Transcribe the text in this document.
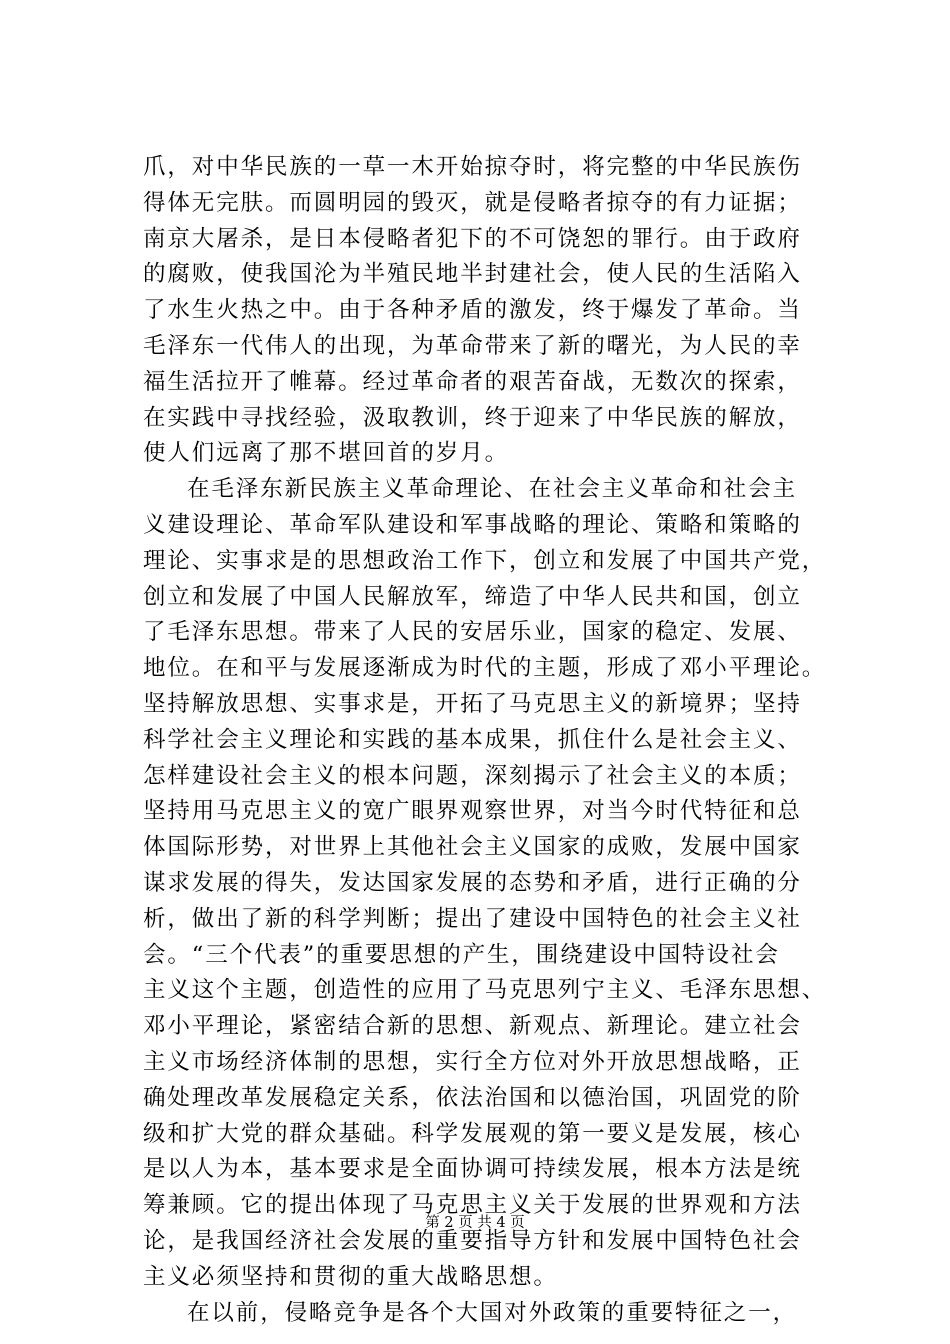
爪，对中华民族的一草一木开始掠夺时，将完整的中华民族伤
得体无完肤。而圆明园的毁灭，就是侵略者掠夺的有力证据；
南京大屠杀，是日本侵略者犯下的不可饶恕的罪行。由于政府
的腐败，使我国沦为半殖民地半封建社会，使人民的生活陷入
了水生火热之中。由于各种矛盾的激发，终于爆发了革命。当
毛泽东一代伟人的出现，为革命带来了新的曙光，为人民的幸
福生活拉开了帷幕。经过革命者的艰苦奋战，无数次的探索，
在实践中寻找经验，汲取教训，终于迎来了中华民族的解放，
使人们远离了那不堪回首的岁月。
在毛泽东新民族主义革命理论、在社会主义革命和社会主
义建设理论、革命军队建设和军事战略的理论、策略和策略的
理论、实事求是的思想政治工作下，创立和发展了中国共产党，
创立和发展了中国人民解放军，缔造了中华人民共和国，创立
了毛泽东思想。带来了人民的安居乐业，国家的稳定、发展、
地位。在和平与发展逐渐成为时代的主题，形成了邓小平理论。
坚持解放思想、实事求是，开拓了马克思主义的新境界；坚持
科学社会主义理论和实践的基本成果，抓住什么是社会主义、
怎样建设社会主义的根本问题，深刻揭示了社会主义的本质；
坚持用马克思主义的宽广眼界观察世界，对当今时代特征和总
体国际形势，对世界上其他社会主义国家的成败，发展中国家
谋求发展的得失，发达国家发展的态势和矛盾，进行正确的分
析，做出了新的科学判断；提出了建设中国特色的社会主义社
会。“三个代表”的重要思想的产生，围绕建设中国特设社会
主义这个主题，创造性的应用了马克思列宁主义、毛泽东思想、
邓小平理论，紧密结合新的思想、新观点、新理论。建立社会
主义市场经济体制的思想，实行全方位对外开放思想战略，正
确处理改革发展稳定关系，依法治国和以德治国，巩固党的阶
级和扩大党的群众基础。科学发展观的第一要义是发展，核心
是以人为本，基本要求是全面协调可持续发展，根本方法是统
筹兼顾。它的提出体现了马克思主义关于发展的世界观和方法
论，是我国经济社会发展的重要指导方针和发展中国特色社会
主义必须坚持和贯彻的重大战略思想。
在以前，侵略竞争是各个大国对外政策的重要特征之一，
第 2 页 共 4 页
